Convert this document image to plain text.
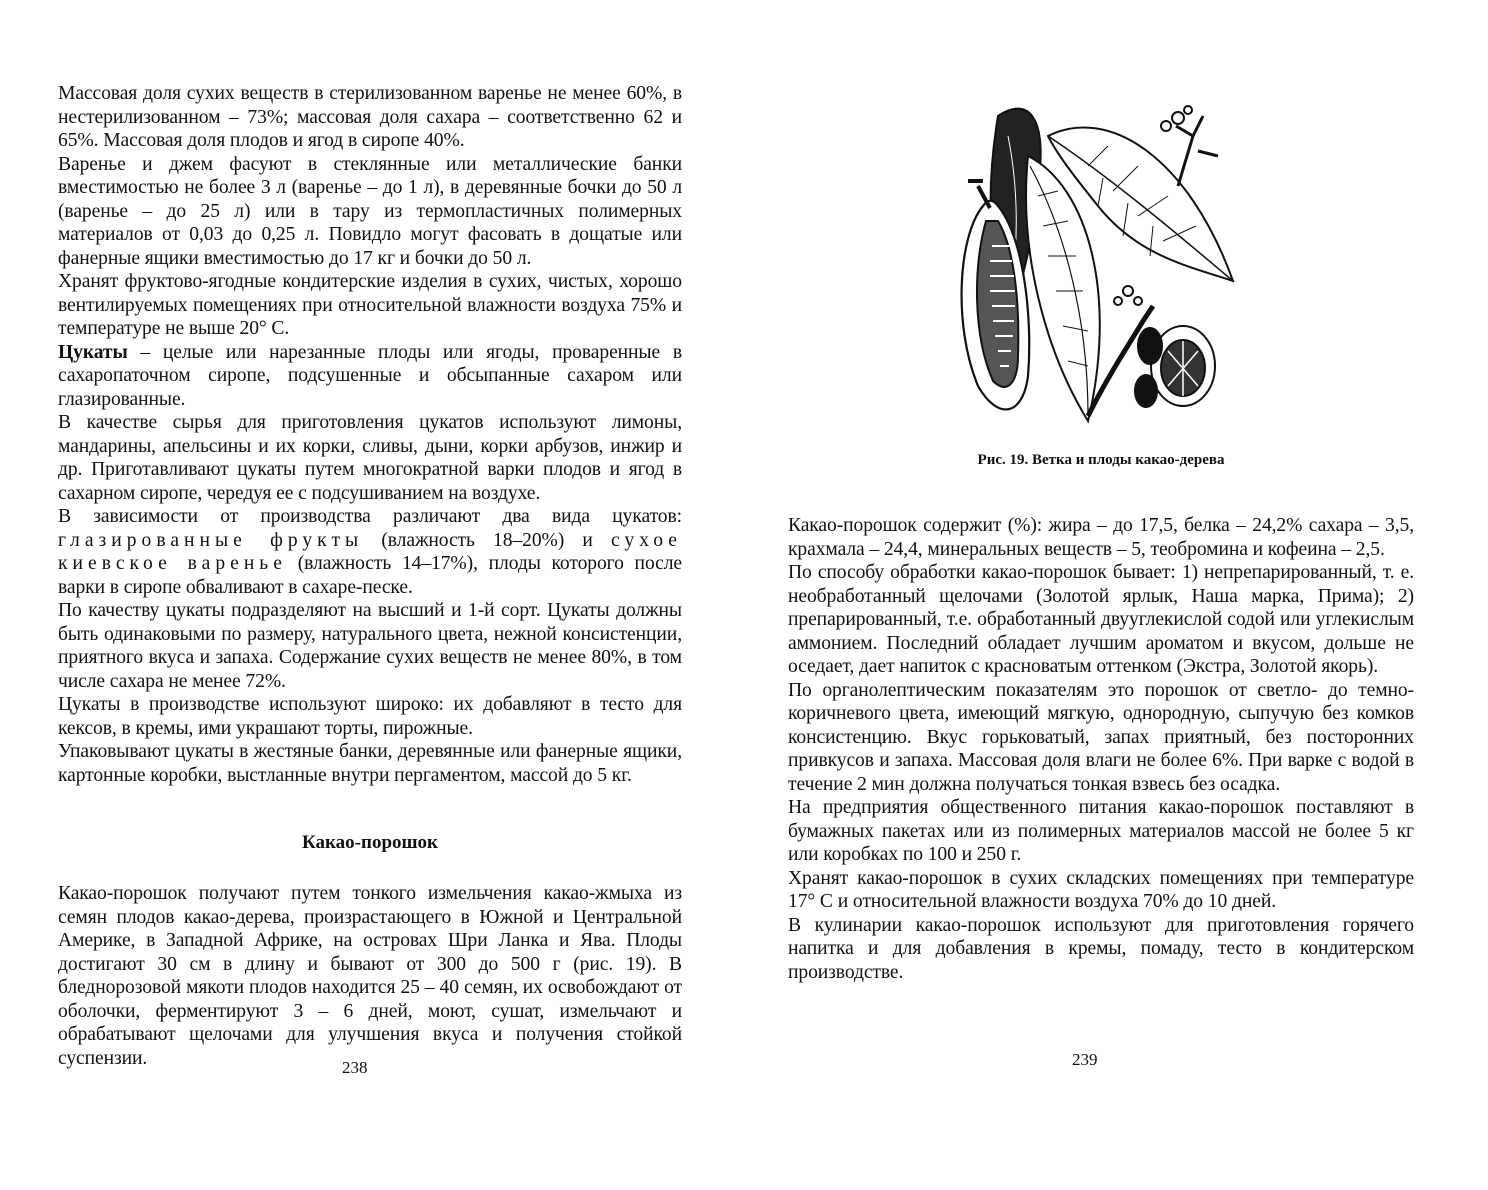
Массовая доля сухих веществ в стерилизованном варенье не менее 60%, в нестерилизованном – 73%; массовая доля сахара – соответственно 62 и 65%. Массовая доля плодов и ягод в сиропе 40%.

Варенье и джем фасуют в стеклянные или металлические банки вместимостью не более 3 л (варенье – до 1 л), в деревянные бочки до 50 л (варенье – до 25 л) или в тару из термопластичных полимерных материалов от 0,03 до 0,25 л. Повидло могут фасовать в дощатые или фанерные ящики вместимостью до 17 кг и бочки до 50 л.

Хранят фруктово-ягодные кондитерские изделия в сухих, чистых, хорошо вентилируемых помещениях при относительной влажности воздуха 75% и температуре не выше 20° С.

Цукаты – целые или нарезанные плоды или ягоды, проваренные в сахаропаточном сиропе, подсушенные и обсыпанные сахаром или глазированные.

В качестве сырья для приготовления цукатов используют лимоны, мандарины, апельсины и их корки, сливы, дыни, корки арбузов, инжир и др. Приготавливают цукаты путем многократной варки плодов и ягод в сахарном сиропе, чередуя ее с подсушиванием на воздухе.

В зависимости от производства различают два вида цукатов: глазированные фрукты (влажность 18–20%) и сухое киевское варенье (влажность 14–17%), плоды которого после варки в сиропе обваливают в сахаре-песке.

По качеству цукаты подразделяют на высший и 1-й сорт. Цукаты должны быть одинаковыми по размеру, натурального цвета, нежной консистенции, приятного вкуса и запаха. Содержание сухих веществ не менее 80%, в том числе сахара не менее 72%.

Цукаты в производстве используют широко: их добавляют в тесто для кексов, в кремы, ими украшают торты, пирожные.

Упаковывают цукаты в жестяные банки, деревянные или фанерные ящики, картонные коробки, выстланные внутри пергаментом, массой до 5 кг.

Какао-порошок

Какао-порошок получают путем тонкого измельчения какао-жмыха из семян плодов какао-дерева, произрастающего в Южной и Центральной Америке, в Западной Африке, на островах Шри Ланка и Ява. Плоды достигают 30 см в длину и бывают от 300 до 500 г (рис. 19). В бледнорозовой мякоти плодов находится 25 – 40 семян, их освобождают от оболочки, ферментируют 3 – 6 дней, моют, сушат, измельчают и обрабатывают щелочами для улучшения вкуса и получения стойкой суспензии.	238

Рис. 19. Ветка и плоды какао-дерева

Какао-порошок содержит (%): жира – до 17,5, белка – 24,2% сахара – 3,5, крахмала – 24,4, минеральных веществ – 5, теобромина и кофеина – 2,5.

По способу обработки какао-порошок бывает: 1) непрепарированный, т. е. необработанный щелочами (Золотой ярлык, Наша марка, Прима); 2) препарированный, т.е. обработанный двууглекислой содой или углекислым аммонием. Последний обладает лучшим ароматом и вкусом, дольше не оседает, дает напиток с красноватым оттенком (Экстра, Золотой якорь).

По органолептическим показателям это порошок от светло- до темно-коричневого цвета, имеющий мягкую, однородную, сыпучую без комков консистенцию. Вкус горьковатый, запах приятный, без посторонних привкусов и запаха. Массовая доля влаги не более 6%. При варке с водой в течение 2 мин должна получаться тонкая взвесь без осадка.

На предприятия общественного питания какао-порошок поставляют в бумажных пакетах или из полимерных материалов массой не более 5 кг или коробках по 100 и 250 г.

Хранят какао-порошок в сухих складских помещениях при температуре 17° С и относительной влажности воздуха 70% до 10 дней.

В кулинарии какао-порошок используют для приготовления горячего напитка и для добавления в кремы, помаду, тесто в кондитерском производстве.

239
